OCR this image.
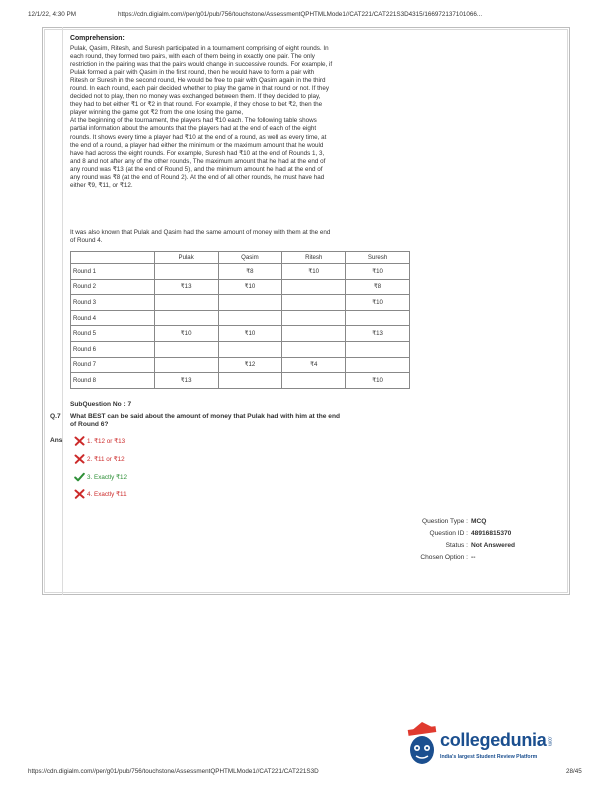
12/1/22, 4:30 PM	https://cdn.digialm.com//per/g01/pub/756/touchstone/AssessmentQPHTMLMode1//CAT221/CAT221S3D4315/166972137101066...
Comprehension:
Pulak, Qasim, Ritesh, and Suresh participated in a tournament comprising of eight rounds. In
each round, they formed two pairs, with each of them being in exactly one pair. The only
restriction in the pairing was that the pairs would change in successive rounds. For example, if
Pulak formed a pair with Qasim in the first round, then he would have to form a pair with
Ritesh or Suresh in the second round, He would be free to pair with Qasim again in the third
round. In each round, each pair decided whether to play the game in that round or not. If they
decided not to play, then no money was exchanged between them. If they decided to play,
they had to bet either ₹1 or ₹2 in that round. For example, if they chose to bet ₹2, then the
player winning the game got ₹2 from the one losing the game,
At the beginning of the tournament, the players had ₹10 each. The following table shows
partial information about the amounts that the players had at the end of each of the eight
rounds. It shows every time a player had ₹10 at the end of a round, as well as every time, at
the end of a round, a player had either the minimum or the maximum amount that he would
have had across the eight rounds. For example, Suresh had ₹10 at the end of Rounds 1, 3,
and 8 and not after any of the other rounds, The maximum amount that he had at the end of
any round was ₹13 (at the end of Round 5), and the minimum amount he had at the end of
any round was ₹8 (at the end of Round 2). At the end of all other rounds, he must have had
either ₹9, ₹11, or ₹12.
It was also known that Pulak and Qasim had the same amount of money with them at the end
of Round 4.
	Pulak	Qasim	Ritesh	Suresh
Round 1		₹8	₹10	₹10
Round 2	₹13	₹10		₹8
Round 3				₹10
Round 4				
Round 5	₹10	₹10		₹13
Round 6				
Round 7		₹12	₹4	
Round 8	₹13			₹10
SubQuestion No : 7
Q.7 What BEST can be said about the amount of money that Pulak had with him at the end
of Round 6?
Ans	1. ₹12 or ₹13
2. ₹11 or ₹12
3. Exactly ₹12
4. Exactly ₹11
Question Type : MCQ
Question ID : 48916815370
Status : Not Answered
Chosen Option : --
collegedunia.com
India's largest Student Review Platform
https://cdn.digialm.com//per/g01/pub/756/touchstone/AssessmentQPHTMLMode1//CAT221/CAT221S3D	28/45
